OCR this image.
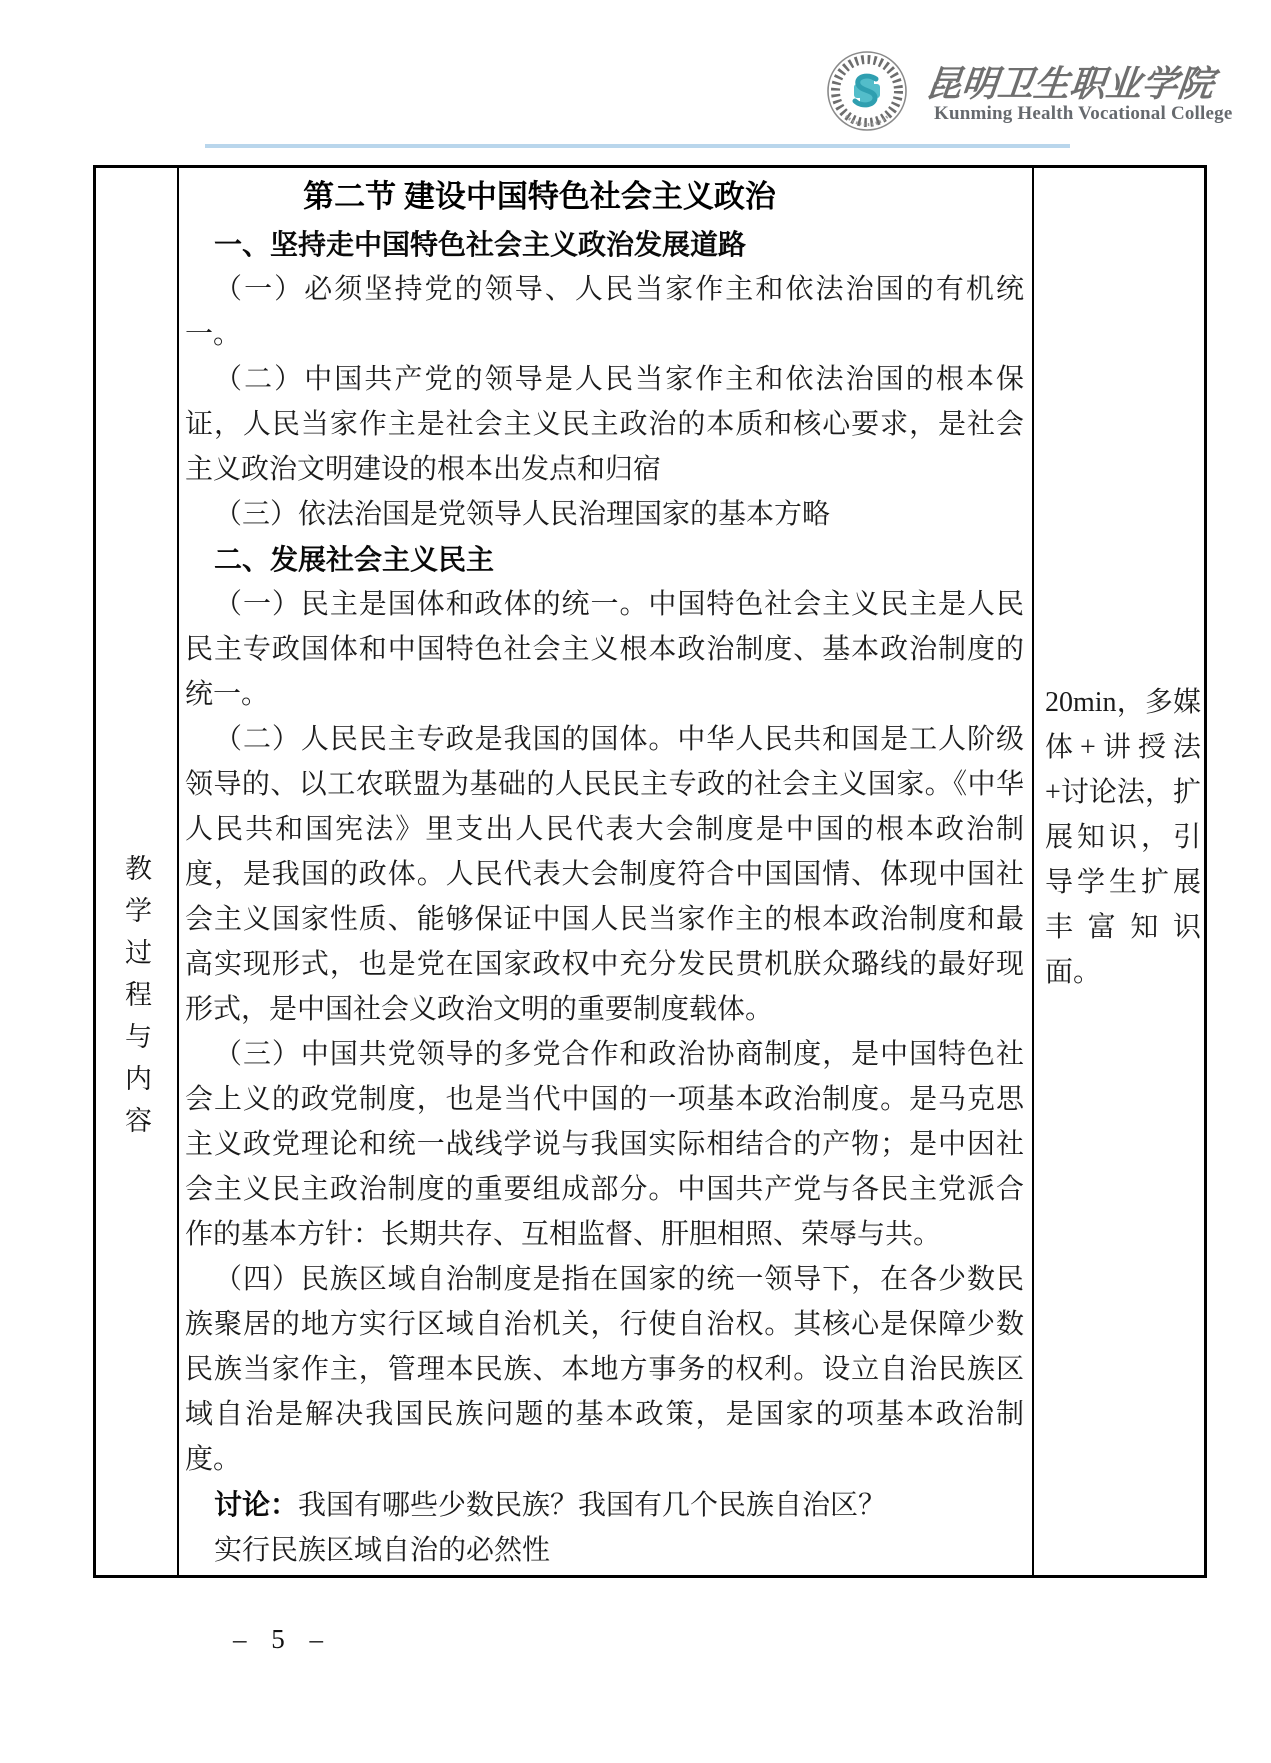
昆明卫生职业学院
Kunming Health Vocational College
教学过程与内容
第二节 建设中国特色社会主义政治

一、坚持走中国特色社会主义政治发展道路

（一）必须坚持党的领导、人民当家作主和依法治国的有机统一。

（二）中国共产党的领导是人民当家作主和依法治国的根本保证，人民当家作主是社会主义民主政治的本质和核心要求，是社会主义政治文明建设的根本出发点和归宿

（三）依法治国是党领导人民治理国家的基本方略

二、发展社会主义民主

（一）民主是国体和政体的统一。中国特色社会主义民主是人民民主专政国体和中国特色社会主义根本政治制度、基本政治制度的统一。

（二）人民民主专政是我国的国体。中华人民共和国是工人阶级领导的、以工农联盟为基础的人民民主专政的社会主义国家。《中华人民共和国宪法》里支出人民代表大会制度是中国的根本政治制度，是我国的政体。人民代表大会制度符合中国国情、体现中国社会主义国家性质、能够保证中国人民当家作主的根本政治制度和最高实现形式，也是党在国家政权中充分发民贯机朕众璐线的最好现形式，是中国社会义政治文明的重要制度载体。

（三）中国共党领导的多党合作和政治协商制度，是中国特色社会上义的政党制度，也是当代中国的一项基本政治制度。是马克思主义政党理论和统一战线学说与我国实际相结合的产物；是中因社会主义民主政治制度的重要组成部分。中国共产党与各民主党派合作的基本方针：长期共存、互相监督、肝胆相照、荣辱与共。

（四）民族区域自治制度是指在国家的统一领导下，在各少数民族聚居的地方实行区域自治机关，行使自治权。其核心是保障少数民族当家作主，管理本民族、本地方事务的权利。设立自治民族区域自治是解决我国民族问题的基本政策，是国家的项基本政治制度。

讨论：我国有哪些少数民族？我国有几个民族自治区？

实行民族区域自治的必然性

20min，多媒体+讲授法+讨论法，扩展知识，引导学生扩展丰富知识面。

– 5 –
